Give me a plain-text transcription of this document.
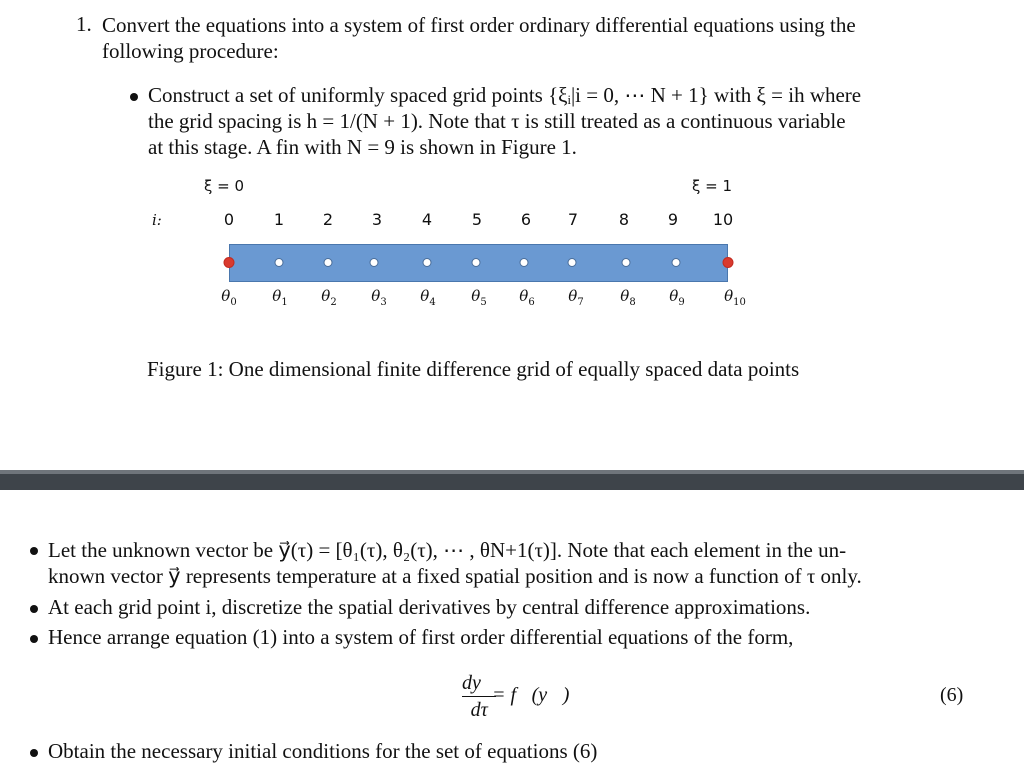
1. Convert the equations into a system of first order ordinary differential equations using the
following procedure:
Construct a set of uniformly spaced grid points {ξᵢ|i = 0, ⋯ N + 1} with ξ = ih where
the grid spacing is h = 1/(N + 1). Note that τ is still treated as a continuous variable
at this stage. A fin with N = 9 is shown in Figure 1.
ξ = 0	ξ = 1
i:	0 1 2 3 4 5 6 7	8 9 10
$\theta_0$ $\theta_1$ $\theta_2$ $\theta_3$ $\theta_4$ $\theta_5$ $\theta_6$ $\theta_7$ $\theta_8$ $\theta_9$	$\theta_{10}$
Figure 1: One dimensional finite difference grid of equally spaced data points
Let the unknown vector be y⃗(τ) = [θ₁(τ), θ₂(τ), ⋯ , θN+1(τ)]. Note that each element in the un-
known vector y⃗ represents temperature at a fixed spatial position and is now a function of τ only.
At each grid point i, discretize the spatial derivatives by central difference approximations.
Hence arrange equation (1) into a system of first order differential equations of the form,
dy⃗
dτ
= f⃗(y⃗)	(6)
Obtain the necessary initial conditions for the set of equations (6)
